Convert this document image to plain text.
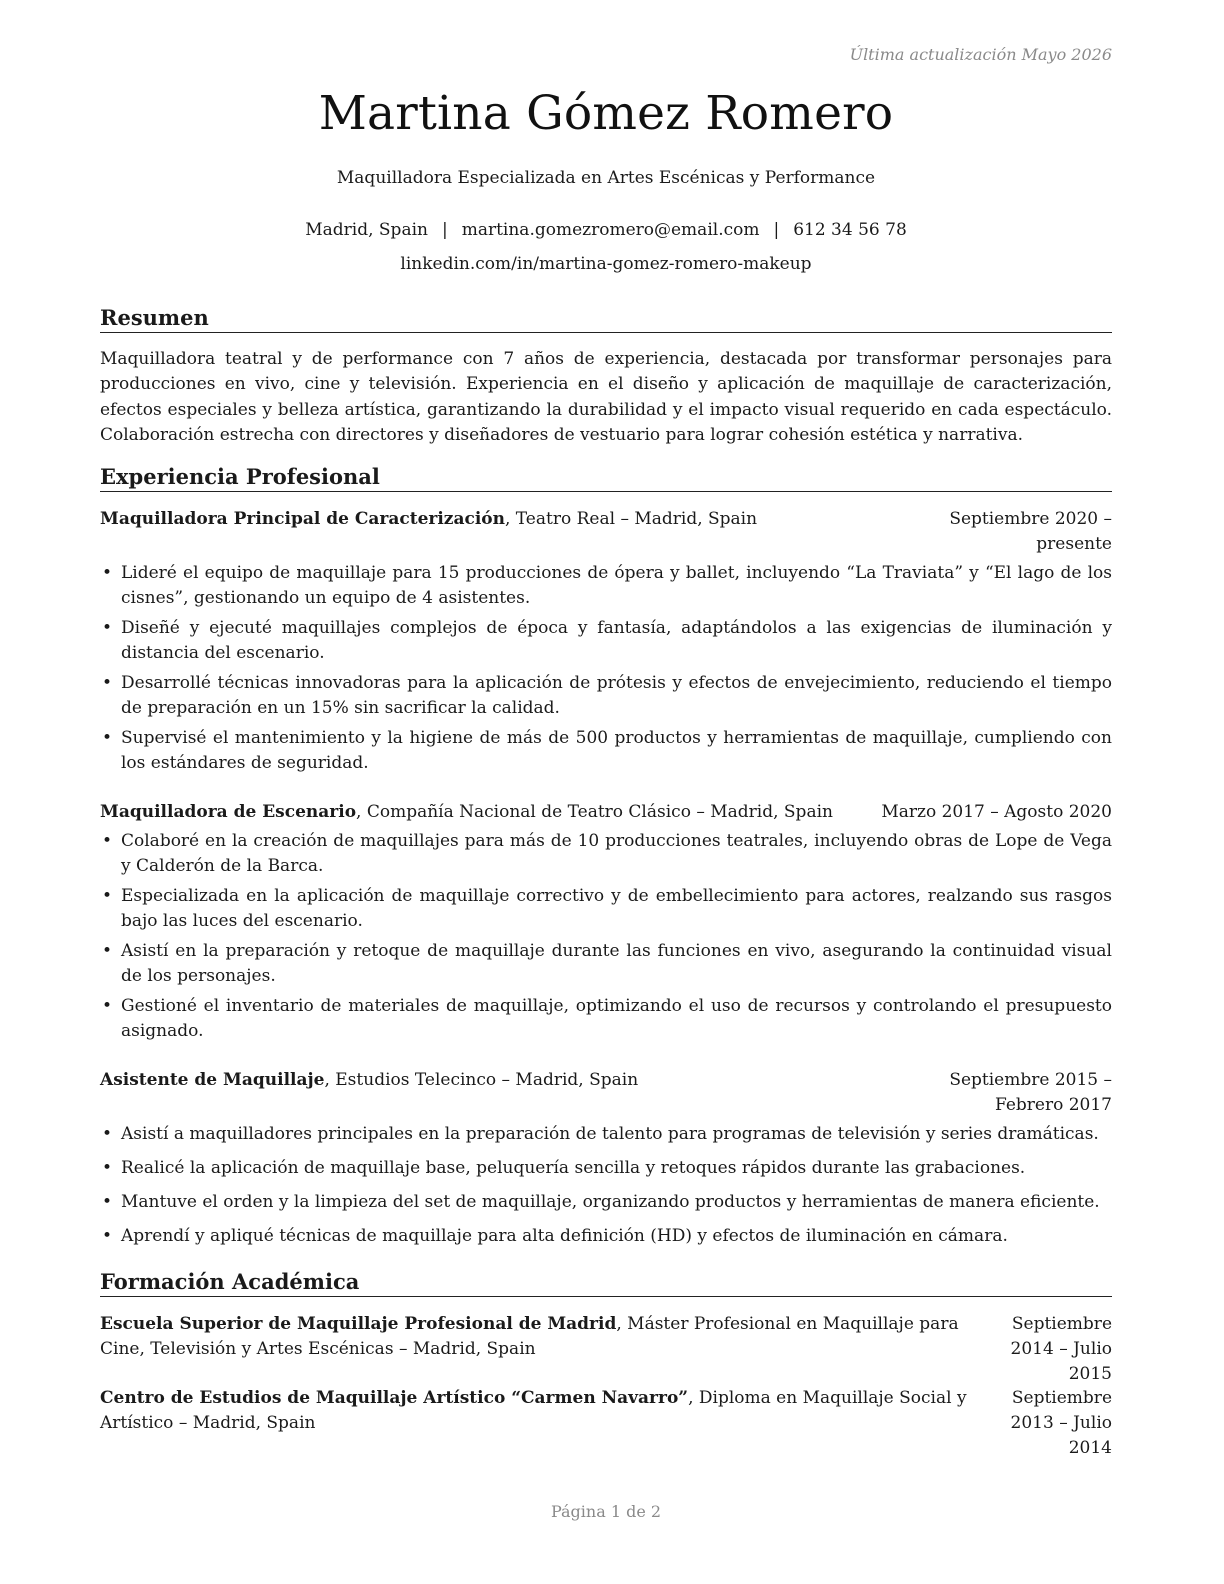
Última actualización Mayo 2026
Martina Gómez Romero
Maquilladora Especializada en Artes Escénicas y Performance
Madrid, Spain | martina.gomezromero@email.com | 612 34 56 78
linkedin.com/in/martina-gomez-romero-makeup
Resumen
Maquilladora teatral y de performance con 7 años de experiencia, destacada por transformar personajes para producciones en vivo, cine y televisión. Experiencia en el diseño y aplicación de maquillaje de caracterización, efectos especiales y belleza artística, garantizando la durabilidad y el impacto visual requerido en cada espectáculo. Colaboración estrecha con directores y diseñadores de vestuario para lograr cohesión estética y narrativa.
Experiencia Profesional
Maquilladora Principal de Caracterización, Teatro Real – Madrid, Spain	Septiembre 2020 – presente
• Lideré el equipo de maquillaje para 15 producciones de ópera y ballet, incluyendo “La Traviata” y “El lago de los cisnes”, gestionando un equipo de 4 asistentes.
• Diseñé y ejecuté maquillajes complejos de época y fantasía, adaptándolos a las exigencias de iluminación y distancia del escenario.
• Desarrollé técnicas innovadoras para la aplicación de prótesis y efectos de envejecimiento, reduciendo el tiempo de preparación en un 15% sin sacrificar la calidad.
• Supervisé el mantenimiento y la higiene de más de 500 productos y herramientas de maquillaje, cumpliendo con los estándares de seguridad.
Maquilladora de Escenario, Compañía Nacional de Teatro Clásico – Madrid, Spain	Marzo 2017 – Agosto 2020
• Colaboré en la creación de maquillajes para más de 10 producciones teatrales, incluyendo obras de Lope de Vega y Calderón de la Barca.
• Especializada en la aplicación de maquillaje correctivo y de embellecimiento para actores, realzando sus rasgos bajo las luces del escenario.
• Asistí en la preparación y retoque de maquillaje durante las funciones en vivo, asegurando la continuidad visual de los personajes.
• Gestioné el inventario de materiales de maquillaje, optimizando el uso de recursos y controlando el presupuesto asignado.
Asistente de Maquillaje, Estudios Telecinco – Madrid, Spain	Septiembre 2015 – Febrero 2017
• Asistí a maquilladores principales en la preparación de talento para programas de televisión y series dramáticas.
• Realicé la aplicación de maquillaje base, peluquería sencilla y retoques rápidos durante las grabaciones.
• Mantuve el orden y la limpieza del set de maquillaje, organizando productos y herramientas de manera eficiente.
• Aprendí y apliqué técnicas de maquillaje para alta definición (HD) y efectos de iluminación en cámara.
Formación Académica
Escuela Superior de Maquillaje Profesional de Madrid, Máster Profesional en Maquillaje para Cine, Televisión y Artes Escénicas – Madrid, Spain
Septiembre 2014 – Julio 2015
Centro de Estudios de Maquillaje Artístico “Carmen Navarro”, Diploma en Maquillaje Social y Artístico – Madrid, Spain
Septiembre 2013 – Julio 2014
Página 1 de 2
